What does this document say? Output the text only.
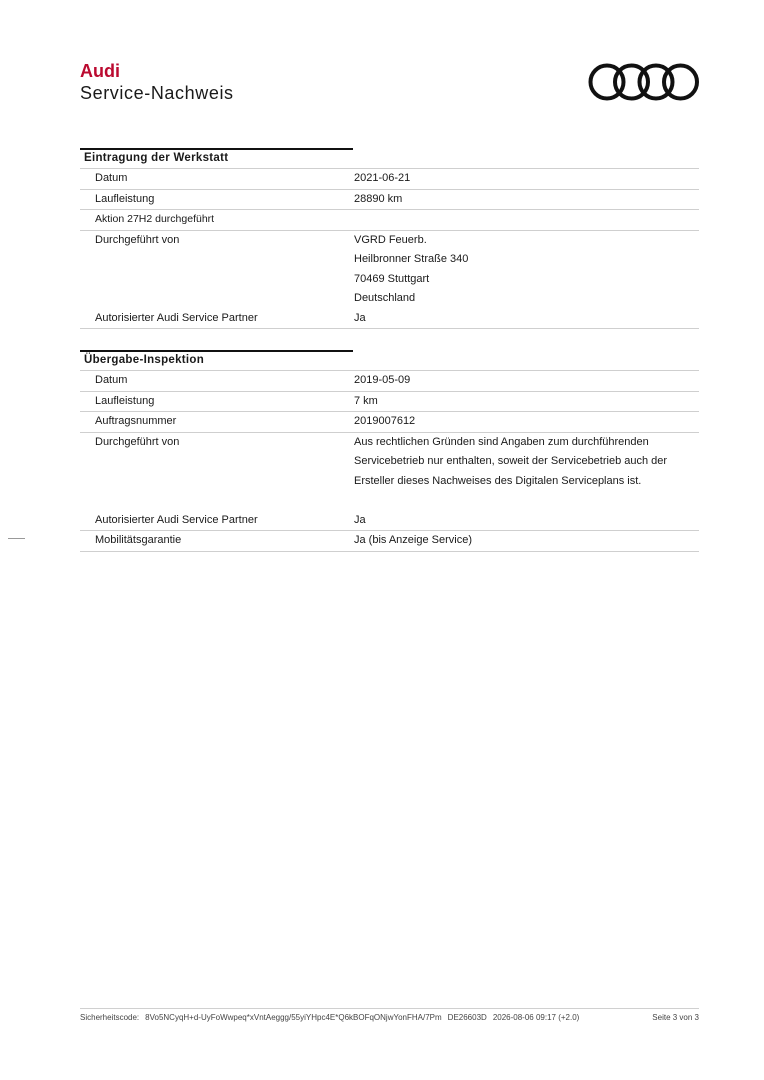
Audi
Service-Nachweis
Eintragung der Werkstatt
Datum	2021-06-21
Laufleistung	28890 km
Aktion 27H2 durchgeführt
Durchgeführt von	VGRD Feuerb.
Heilbronner Straße 340
70469 Stuttgart
Deutschland
Autorisierter Audi Service Partner	Ja
Übergabe-Inspektion
Datum	2019-05-09
Laufleistung	7 km
Auftragsnummer	2019007612
Durchgeführt von	Aus rechtlichen Gründen sind Angaben zum durchführenden
Servicebetrieb nur enthalten, soweit der Servicebetrieb auch der
Ersteller dieses Nachweises des Digitalen Serviceplans ist.
Autorisierter Audi Service Partner	Ja
Mobilitätsgarantie	Ja (bis Anzeige Service)
Sicherheitscode: 8Vo5NCyqH+d-UyFoWwpeq*xVntAeggg/55yiYHpc4E*Q6kBOFqONjwYonFHA/7Pm DE26603D 2026-08-06 09:17 (+2.0)	Seite 3 von 3
